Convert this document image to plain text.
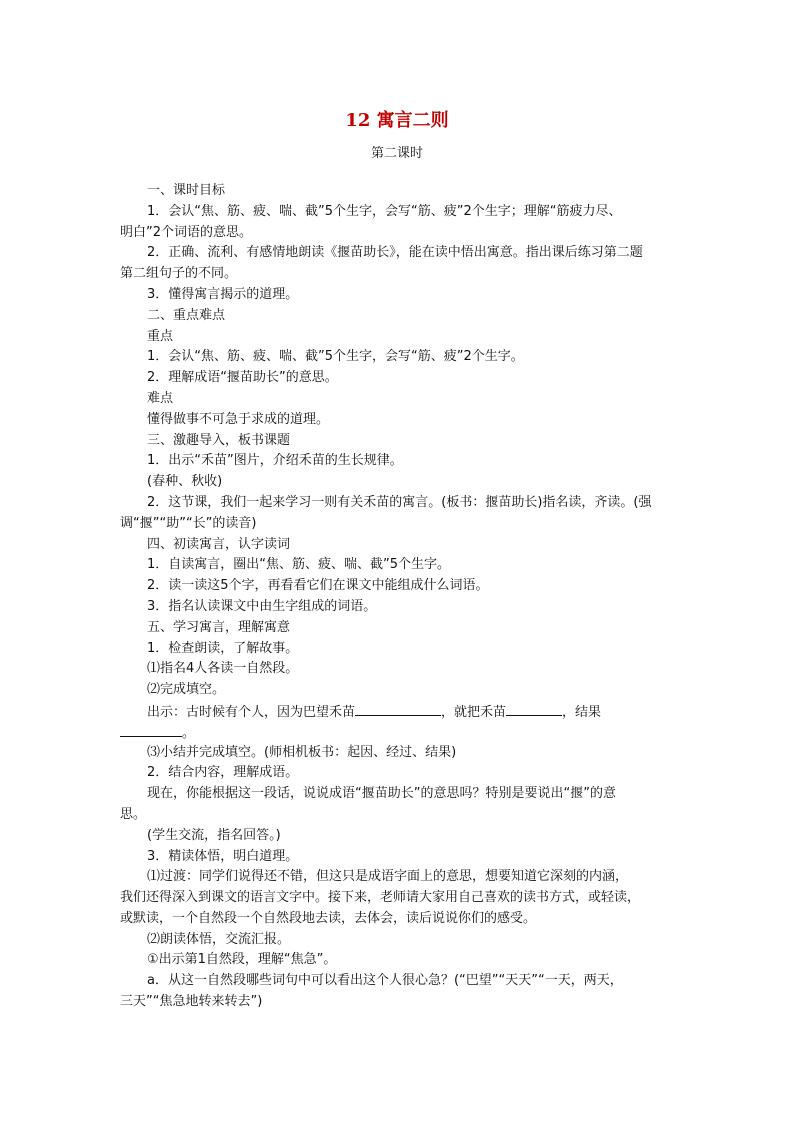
12 寓言二则
第二课时
一、课时目标
1．会认“焦、筋、疲、喘、截”5个生字，会写“筋、疲”2个生字；理解“筋疲力尽、
明白”2个词语的意思。
2．正确、流利、有感情地朗读《揠苗助长》，能在读中悟出寓意。指出课后练习第二题
第二组句子的不同。
3．懂得寓言揭示的道理。
二、重点难点
重点
1．会认“焦、筋、疲、喘、截”5个生字，会写“筋、疲”2个生字。
2．理解成语“揠苗助长”的意思。
难点
懂得做事不可急于求成的道理。
三、激趣导入，板书课题
1．出示“禾苗”图片，介绍禾苗的生长规律。
(春种、秋收)
2．这节课，我们一起来学习一则有关禾苗的寓言。(板书：揠苗助长)指名读，齐读。(强
调“揠”“助”“长”的读音)
四、初读寓言，认字读词
1．自读寓言，圈出“焦、筋、疲、喘、截”5个生字。
2．读一读这5个字，再看看它们在课文中能组成什么词语。
3．指名认读课文中由生字组成的词语。
五、学习寓言，理解寓意
1．检查朗读，了解故事。
⑴指名4人各读一自然段。
⑵完成填空。
出示：古时候有个人，因为巴望禾苗	，就把禾苗	，结果
。
⑶小结并完成填空。(师相机板书：起因、经过、结果)
2．结合内容，理解成语。
现在，你能根据这一段话，说说成语“揠苗助长”的意思吗？特别是要说出“揠”的意
思。
(学生交流，指名回答。)
3．精读体悟，明白道理。
⑴过渡：同学们说得还不错，但这只是成语字面上的意思，想要知道它深刻的内涵，
我们还得深入到课文的语言文字中。接下来，老师请大家用自己喜欢的读书方式，或轻读，
或默读，一个自然段一个自然段地去读，去体会，读后说说你们的感受。
⑵朗读体悟，交流汇报。
①出示第1自然段，理解“焦急”。
a．从这一自然段哪些词句中可以看出这个人很心急？(“巴望”“天天”“一天，两天，
三天”“焦急地转来转去”)
